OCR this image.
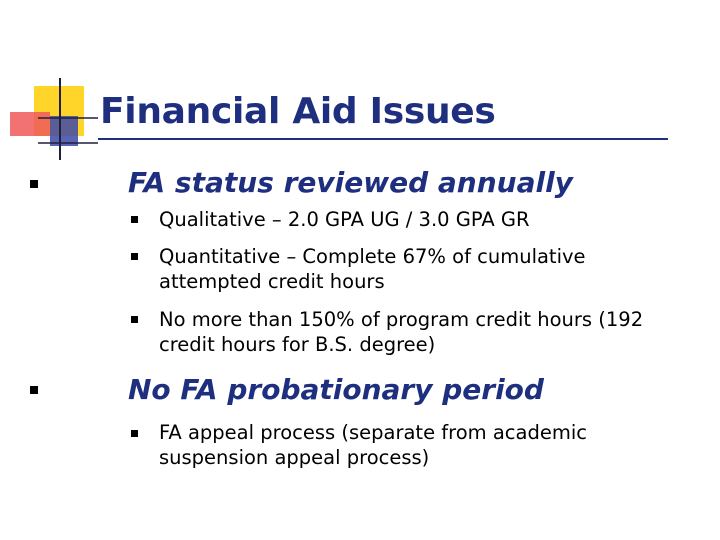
Financial Aid Issues
FA status reviewed annually
Qualitative – 2.0 GPA UG / 3.0 GPA GR
Quantitative – Complete 67% of cumulative attempted credit hours
No more than 150% of program credit hours (192 credit hours for B.S. degree)
No FA probationary period
FA appeal process (separate from academic suspension appeal process)
